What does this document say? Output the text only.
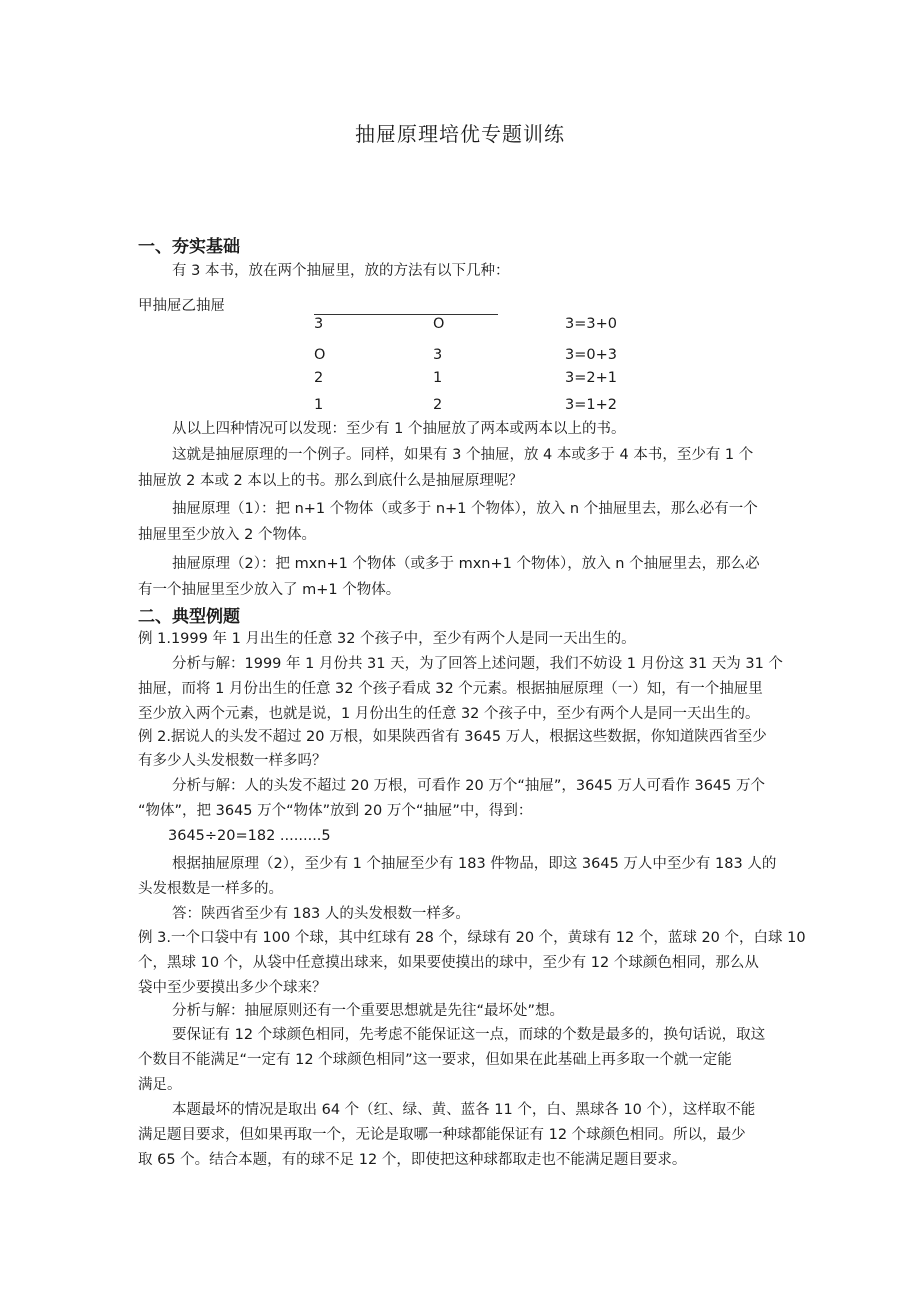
抽屉原理培优专题训练
一、夯实基础
有 3 本书，放在两个抽屉里，放的方法有以下几种：
甲抽屉乙抽屉
3	O	3=3+0
O	3	3=0+3
2	1	3=2+1
1	2	3=1+2
从以上四种情况可以发现：至少有 1 个抽屉放了两本或两本以上的书。
这就是抽屉原理的一个例子。同样，如果有 3 个抽屉，放 4 本或多于 4 本书，至少有 1 个
抽屉放 2 本或 2 本以上的书。那么到底什么是抽屉原理呢？
抽屉原理（1）：把 n+1 个物体（或多于 n+1 个物体），放入 n 个抽屉里去，那么必有一个
抽屉里至少放入 2 个物体。
抽屉原理（2）：把 mxn+1 个物体（或多于 mxn+1 个物体），放入 n 个抽屉里去，那么必
有一个抽屉里至少放入了 m+1 个物体。
二、典型例题
例 1.1999 年 1 月出生的任意 32 个孩子中，至少有两个人是同一天出生的。
分析与解：1999 年 1 月份共 31 天，为了回答上述问题，我们不妨设 1 月份这 31 天为 31 个
抽屉，而将 1 月份出生的任意 32 个孩子看成 32 个元素。根据抽屉原理（一）知，有一个抽屉里
至少放入两个元素，也就是说，1 月份出生的任意 32 个孩子中，至少有两个人是同一天出生的。
例 2.据说人的头发不超过 20 万根，如果陕西省有 3645 万人，根据这些数据，你知道陕西省至少
有多少人头发根数一样多吗？
分析与解：人的头发不超过 20 万根，可看作 20 万个“抽屉”，3645 万人可看作 3645 万个
“物体”，把 3645 万个“物体”放到 20 万个“抽屉”中，得到：
3645÷20=182 .........5
根据抽屉原理（2），至少有 1 个抽屉至少有 183 件物品，即这 3645 万人中至少有 183 人的
头发根数是一样多的。
答：陕西省至少有 183 人的头发根数一样多。
例 3.一个口袋中有 100 个球，其中红球有 28 个，绿球有 20 个，黄球有 12 个，蓝球 20 个，白球 10
个，黑球 10 个，从袋中任意摸出球来，如果要使摸出的球中，至少有 12 个球颜色相同，那么从
袋中至少要摸出多少个球来？
分析与解：抽屉原则还有一个重要思想就是先往“最坏处”想。
要保证有 12 个球颜色相同，先考虑不能保证这一点，而球的个数是最多的，换句话说，取这
个数目不能满足“一定有 12 个球颜色相同”这一要求，但如果在此基础上再多取一个就一定能
满足。
本题最坏的情况是取出 64 个（红、绿、黄、蓝各 11 个，白、黑球各 10 个），这样取不能
满足题目要求，但如果再取一个，无论是取哪一种球都能保证有 12 个球颜色相同。所以，最少
取 65 个。结合本题，有的球不足 12 个，即使把这种球都取走也不能满足题目要求。
